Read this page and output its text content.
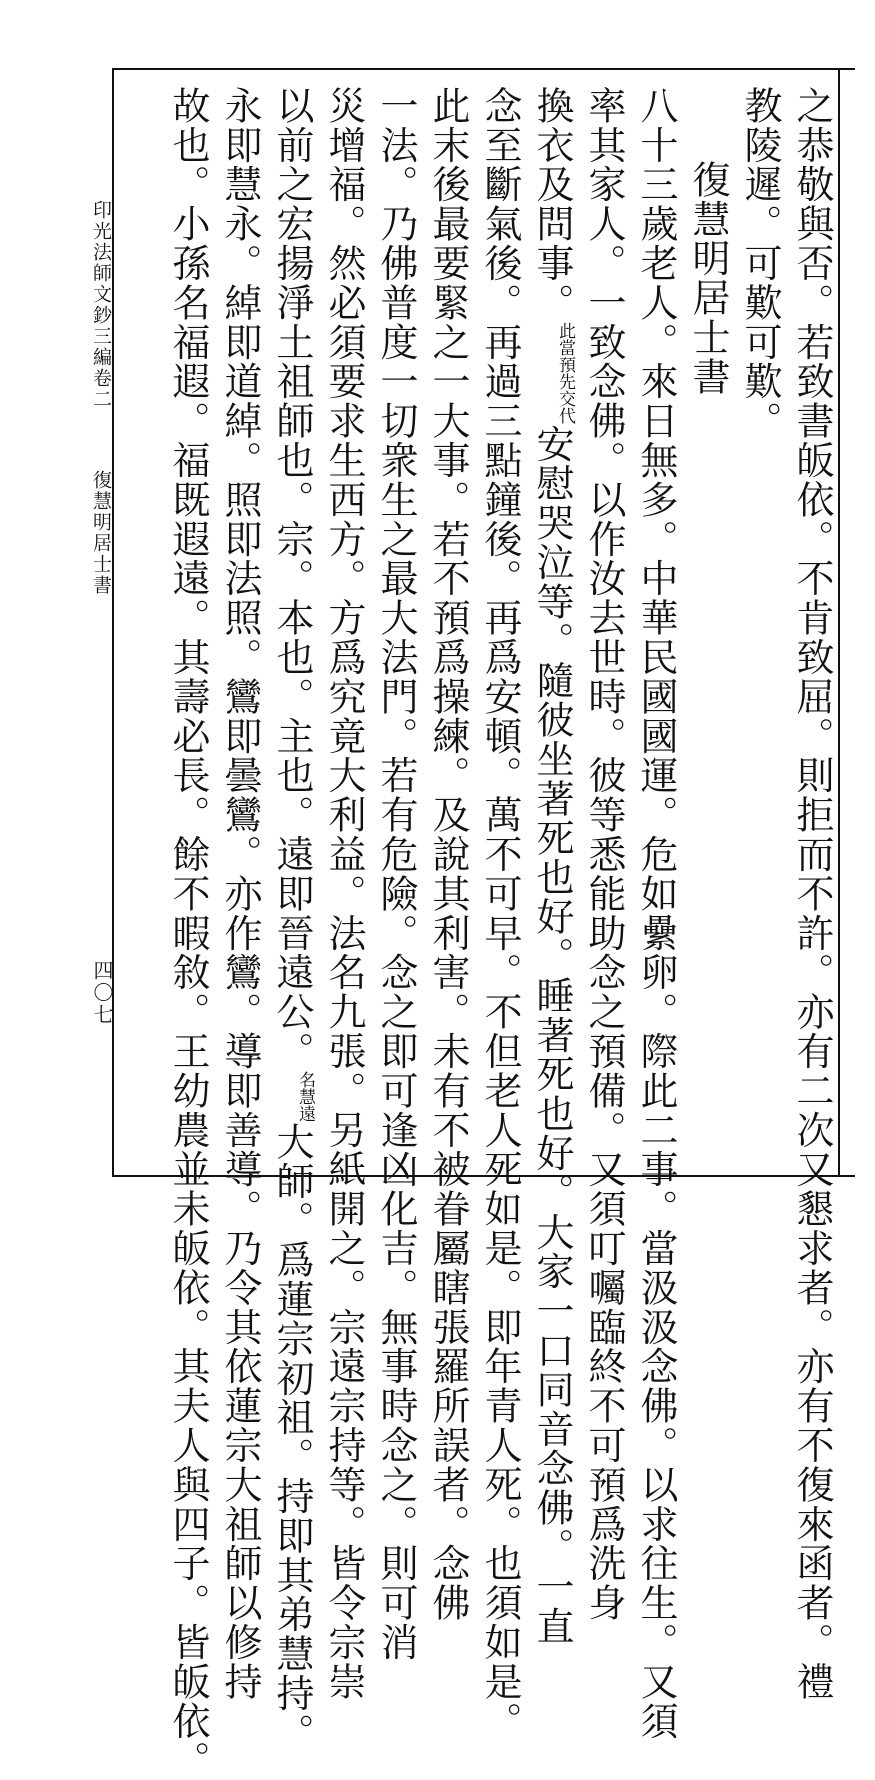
之恭敬與否。若致書皈依。不肯致屈。則拒而不許。亦有二次又懇求者。亦有不復來函者。禮
教陵遲。可歎可歎。
復慧明居士書
八十三歲老人。來日無多。中華民國國運。危如纍卵。際此二事。當汲汲念佛。以求往生。又須
率其家人。一致念佛。以作汝去世時。彼等悉能助念之預備。又須叮囑臨終不可預爲洗身
換衣及問事。此當預先交代安慰哭泣等。隨彼坐著死也好。睡著死也好。大家一口同音念佛。一直
念至斷氣後。再過三點鐘後。再爲安頓。萬不可早。不但老人死如是。即年青人死。也須如是。
此末後最要緊之一大事。若不預爲操練。及說其利害。未有不被眷屬瞎張羅所誤者。念佛
一法。乃佛普度一切衆生之最大法門。若有危險。念之即可逢凶化吉。無事時念之。則可消
災增福。然必須要求生西方。方爲究竟大利益。法名九張。另紙開之。宗遠宗持等。皆令宗崇
以前之宏揚淨土祖師也。宗。本也。主也。遠即晉遠公。名慧遠大師。爲蓮宗初祖。持即其弟慧持。
永即慧永。綽即道綽。照即法照。鸞即曇鸞。亦作鸞。導即善導。乃令其依蓮宗大祖師以修持
故也。小孫名福遐。福既遐遠。其壽必長。餘不暇敘。王幼農並未皈依。其夫人與四子。皆皈依。
印光法師文鈔三編卷二
復慧明居士書
四〇七
